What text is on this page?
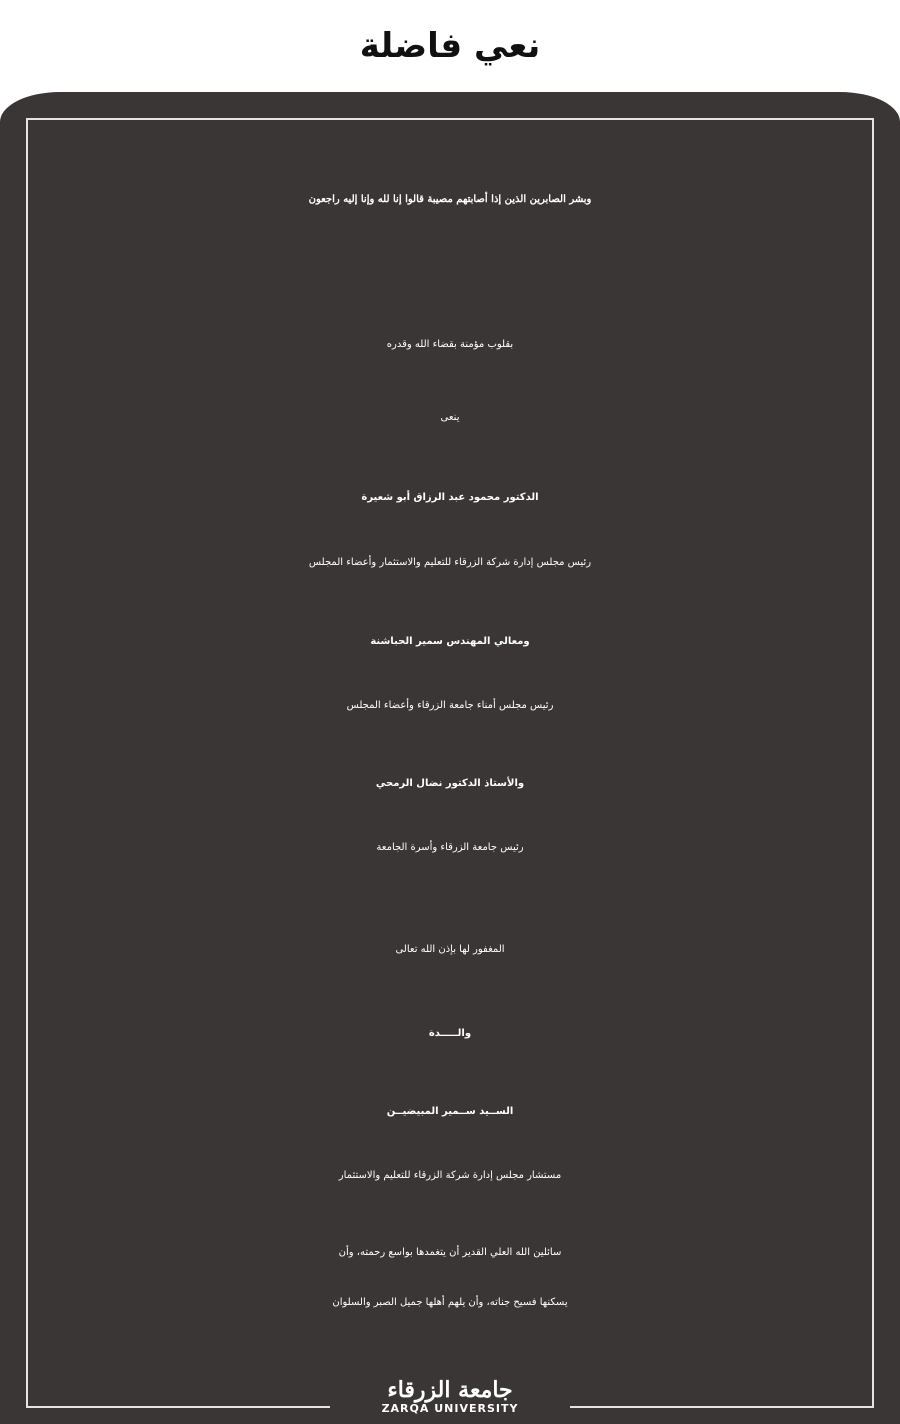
نعي فاضلة
وبشر الصابرين الذين إذا أصابتهم مصيبة قالوا إنا لله وإنا إليه راجعون
بقلوب مؤمنة بقضاء الله وقدره
ينعى
الدكتور محمود عبد الرزاق أبو شعيرة
رئيس مجلس إدارة شركة الزرقاء للتعليم والاستثمار وأعضاء المجلس
ومعالي المهندس سمير الحباشنة
رئيس مجلس أمناء جامعة الزرقاء وأعضاء المجلس
والأستاذ الدكتور نضال الرمحي
رئيس جامعة الزرقاء وأسرة الجامعة
المغفور لها بإذن الله تعالى
والـــــدة
الســيد ســمير المبيضيــن
مستشار مجلس إدارة شركة الزرقاء للتعليم والاستثمار
سائلين الله العلي القدير أن يتغمدها بواسع رحمته، وأن
يسكنها فسيح جناته، وأن يلهم أهلها جميل الصبر والسلوان
جامعة الزرقاء
ZARQA UNIVERSITY
